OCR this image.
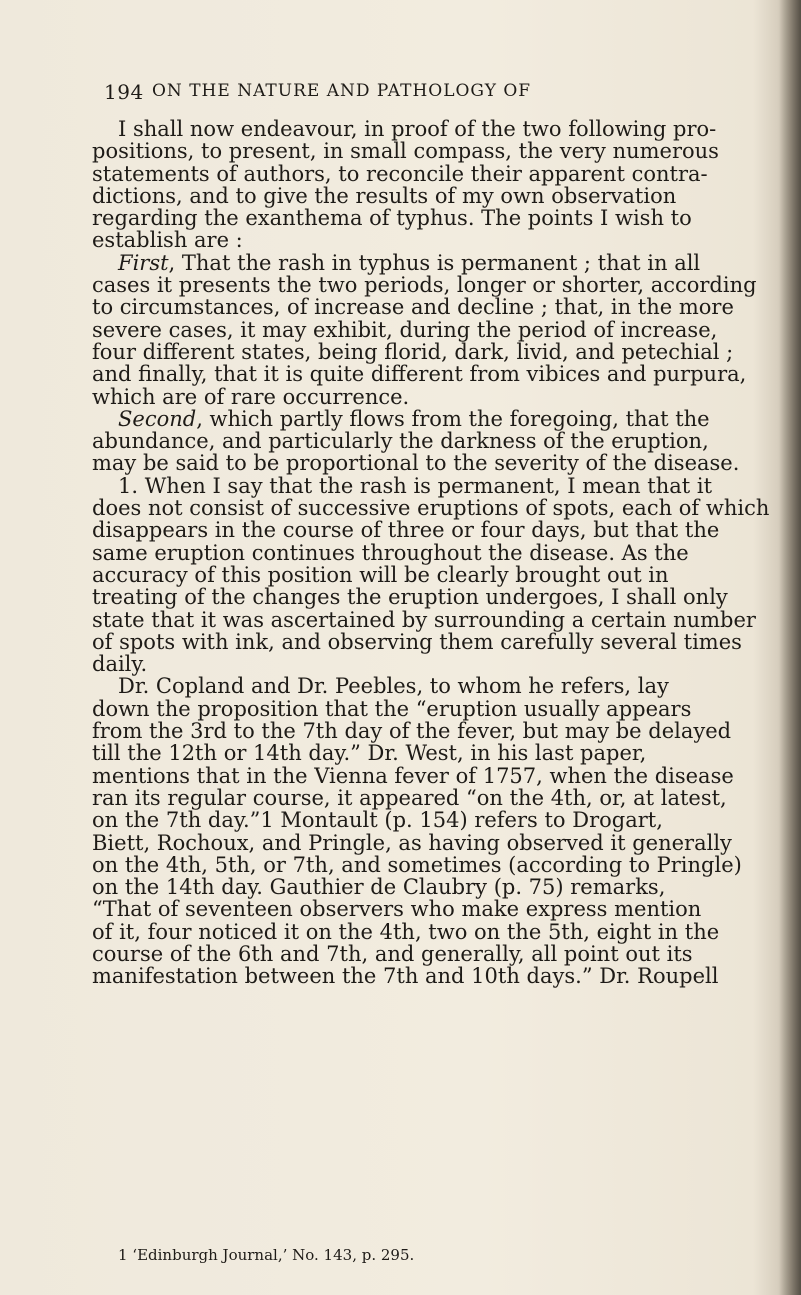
194 ON THE NATURE AND PATHOLOGY OF
I shall now endeavour, in proof of the two following pro-
positions, to present, in small compass, the very numerous
statements of authors, to reconcile their apparent contra-
dictions, and to give the results of my own observation
regarding the exanthema of typhus. The points I wish to
establish are :
First, That the rash in typhus is permanent ; that in all
cases it presents the two periods, longer or shorter, according
to circumstances, of increase and decline ; that, in the more
severe cases, it may exhibit, during the period of increase,
four different states, being florid, dark, livid, and petechial ;
and finally, that it is quite different from vibices and purpura,
which are of rare occurrence.
Second, which partly flows from the foregoing, that the
abundance, and particularly the darkness of the eruption,
may be said to be proportional to the severity of the disease.
1. When I say that the rash is permanent, I mean that it
does not consist of successive eruptions of spots, each of which
disappears in the course of three or four days, but that the
same eruption continues throughout the disease. As the
accuracy of this position will be clearly brought out in
treating of the changes the eruption undergoes, I shall only
state that it was ascertained by surrounding a certain number
of spots with ink, and observing them carefully several times
daily.
Dr. Copland and Dr. Peebles, to whom he refers, lay
down the proposition that the “eruption usually appears
from the 3rd to the 7th day of the fever, but may be delayed
till the 12th or 14th day.” Dr. West, in his last paper,
mentions that in the Vienna fever of 1757, when the disease
ran its regular course, it appeared “on the 4th, or, at latest,
on the 7th day.”1 Montault (p. 154) refers to Drogart,
Biett, Rochoux, and Pringle, as having observed it generally
on the 4th, 5th, or 7th, and sometimes (according to Pringle)
on the 14th day. Gauthier de Claubry (p. 75) remarks,
“That of seventeen observers who make express mention
of it, four noticed it on the 4th, two on the 5th, eight in the
course of the 6th and 7th, and generally, all point out its
manifestation between the 7th and 10th days.” Dr. Roupell
1 ‘Edinburgh Journal,’ No. 143, p. 295.
